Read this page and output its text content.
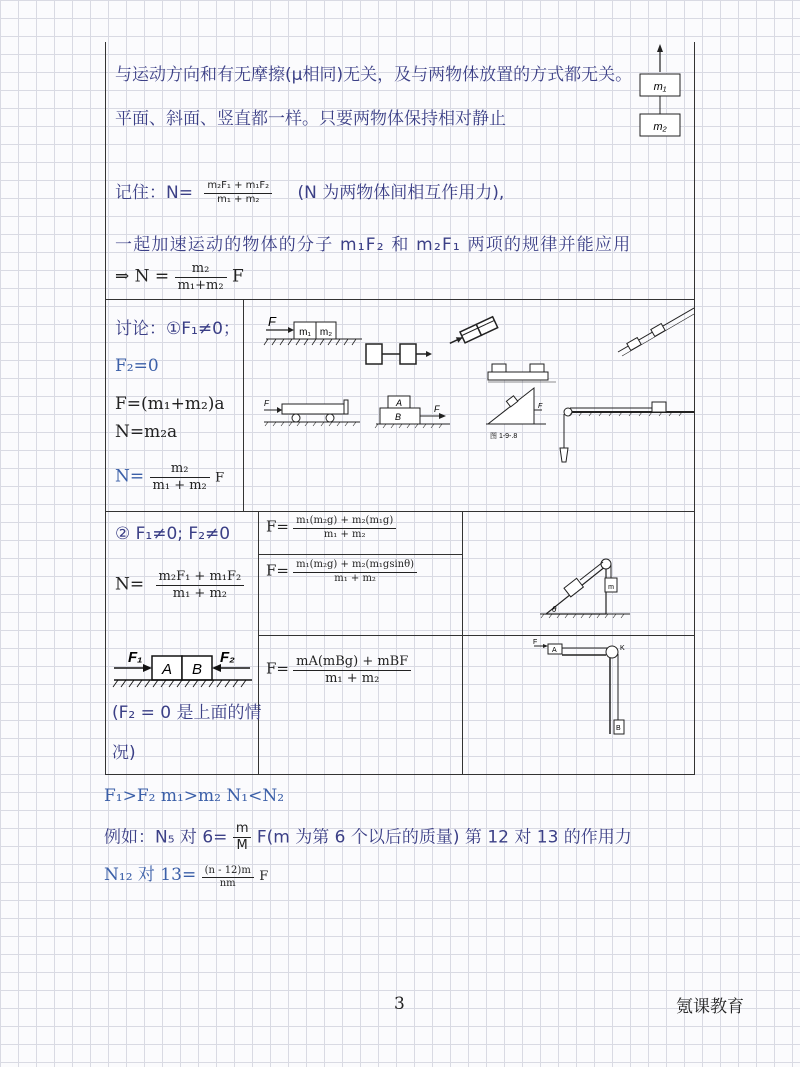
与运动方向和有无摩擦(μ相同)无关，及与两物体放置的方式都无关。
平面、斜面、竖直都一样。只要两物体保持相对静止
m₁
m₂
记住：$N= \frac{\text{m₂F₁ + m₁F₂}}{\text{m₁ + m₂}} (N$ 为两物体间相互作用力),
一起加速运动的物体的分子 m₁F₂ 和 m₂F₁ 两项的规律并能应用
⇒ $N = \frac{\text{m₂}}{\text{m₁+m₂}}$ F
讨论：①F₁≠0；
F₂=0
F=(m₁+m₂)a
N=m₂a
$N= \frac{\text{m₂}}{\text{m₁ + m₂}}$ F
F
m₁ m₂
F	A
B
F	F
图 1-9-.8
② F₁≠0; F₂≠0
$N= \frac{\text{m₂F₁ + m₁F₂}}{\text{m₁ + m₂}}$
$F= \frac{\text{m₁(m₂g) + m₂(m₁g)}}{\text{m₁ + m₂}}$
$F= \frac{\text{m₁(m₂g) + m₂(m₁gsinθ)}}{\text{m₁ + m₂}}$
$F= \frac{\text{mA(mBg) + mBF}}{\text{m₁ + m₂}}$
F₁
A B
F₂
(F₂ = 0 是上面的情
况)
m
θ
F
A	K
B
F₁>F₂ m₁>m₂ N₁<N₂
例如：N₅ 对 $6= \frac{m}{M} F(m$ 为第 6 个以后的质量) 第 12 对 13 的作用力
N₁₂ 对 $13= \frac{(n - 12)m}{nm}$ F
3	氪课教育
